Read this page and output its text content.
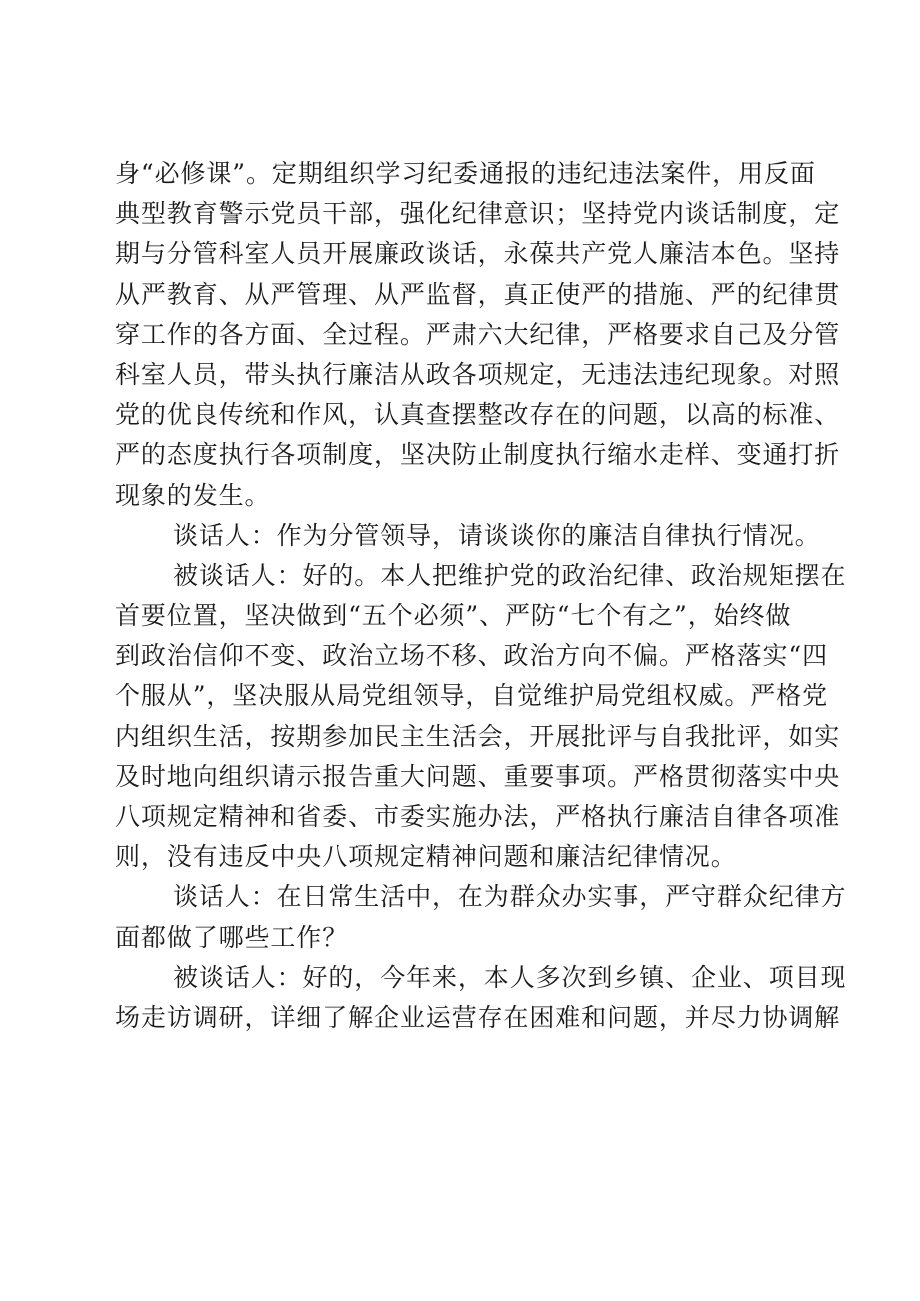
身“必修课”。定期组织学习纪委通报的违纪违法案件，用反面
典型教育警示党员干部，强化纪律意识；坚持党内谈话制度，定
期与分管科室人员开展廉政谈话，永葆共产党人廉洁本色。坚持
从严教育、从严管理、从严监督，真正使严的措施、严的纪律贯
穿工作的各方面、全过程。严肃六大纪律，严格要求自己及分管
科室人员，带头执行廉洁从政各项规定，无违法违纪现象。对照
党的优良传统和作风，认真查摆整改存在的问题，以高的标准、
严的态度执行各项制度，坚决防止制度执行缩水走样、变通打折
现象的发生。
谈话人：作为分管领导，请谈谈你的廉洁自律执行情况。
被谈话人：好的。本人把维护党的政治纪律、政治规矩摆在
首要位置，坚决做到“五个必须”、严防“七个有之”，始终做
到政治信仰不变、政治立场不移、政治方向不偏。严格落实“四
个服从”，坚决服从局党组领导，自觉维护局党组权威。严格党
内组织生活，按期参加民主生活会，开展批评与自我批评，如实
及时地向组织请示报告重大问题、重要事项。严格贯彻落实中央
八项规定精神和省委、市委实施办法，严格执行廉洁自律各项准
则，没有违反中央八项规定精神问题和廉洁纪律情况。
谈话人：在日常生活中，在为群众办实事，严守群众纪律方
面都做了哪些工作？
被谈话人：好的，今年来，本人多次到乡镇、企业、项目现
场走访调研，详细了解企业运营存在困难和问题，并尽力协调解
